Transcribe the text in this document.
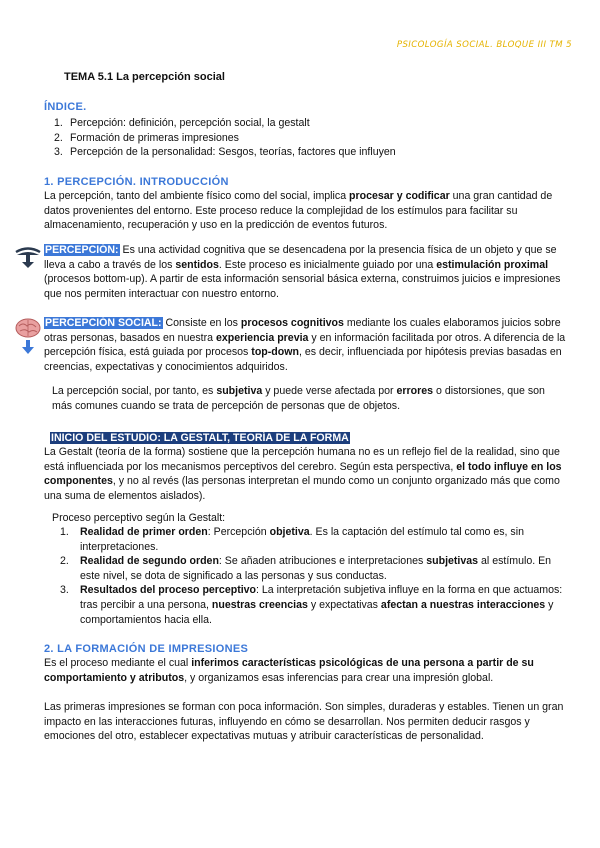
PSICOLOGÍA SOCIAL. BLOQUE III TM 5
TEMA 5.1 La percepción social
ÍNDICE.
1. Percepción: definición, percepción social, la gestalt
2. Formación de primeras impresiones
3. Percepción de la personalidad: Sesgos, teorías, factores que influyen
1. PERCEPCIÓN. INTRODUCCIÓN
La percepción, tanto del ambiente físico como del social, implica procesar y codificar una gran cantidad de datos provenientes del entorno. Este proceso reduce la complejidad de los estímulos para facilitar su almacenamiento, recuperación y uso en la predicción de eventos futuros.
PERCEPCIÓN: Es una actividad cognitiva que se desencadena por la presencia física de un objeto y que se lleva a cabo a través de los sentidos. Este proceso es inicialmente guiado por una estimulación proximal (procesos bottom-up). A partir de esta información sensorial básica externa, construimos juicios e impresiones que nos permiten interactuar con nuestro entorno.
PERCEPCIÓN SOCIAL: Consiste en los procesos cognitivos mediante los cuales elaboramos juicios sobre otras personas, basados en nuestra experiencia previa y en información facilitada por otros. A diferencia de la percepción física, está guiada por procesos top-down, es decir, influenciada por hipótesis previas basadas en creencias, expectativas y conocimientos adquiridos.
La percepción social, por tanto, es subjetiva y puede verse afectada por errores o distorsiones, que son más comunes cuando se trata de percepción de personas que de objetos.
INICIO DEL ESTUDIO: LA GESTALT, TEORÍA DE LA FORMA
La Gestalt (teoría de la forma) sostiene que la percepción humana no es un reflejo fiel de la realidad, sino que está influenciada por los mecanismos perceptivos del cerebro. Según esta perspectiva, el todo influye en los componentes, y no al revés (las personas interpretan el mundo como un conjunto organizado más que como una suma de elementos aislados).
Proceso perceptivo según la Gestalt:
1. Realidad de primer orden: Percepción objetiva. Es la captación del estímulo tal como es, sin interpretaciones.
2. Realidad de segundo orden: Se añaden atribuciones e interpretaciones subjetivas al estímulo. En este nivel, se dota de significado a las personas y sus conductas.
3. Resultados del proceso perceptivo: La interpretación subjetiva influye en la forma en que actuamos: tras percibir a una persona, nuestras creencias y expectativas afectan a nuestras interacciones y comportamientos hacia ella.
2. LA FORMACIÓN DE IMPRESIONES
Es el proceso mediante el cual inferimos características psicológicas de una persona a partir de su comportamiento y atributos, y organizamos esas inferencias para crear una impresión global.
Las primeras impresiones se forman con poca información. Son simples, duraderas y estables. Tienen un gran impacto en las interacciones futuras, influyendo en cómo se desarrollan. Nos permiten deducir rasgos y emociones del otro, establecer expectativas mutuas y atribuir características de personalidad.
